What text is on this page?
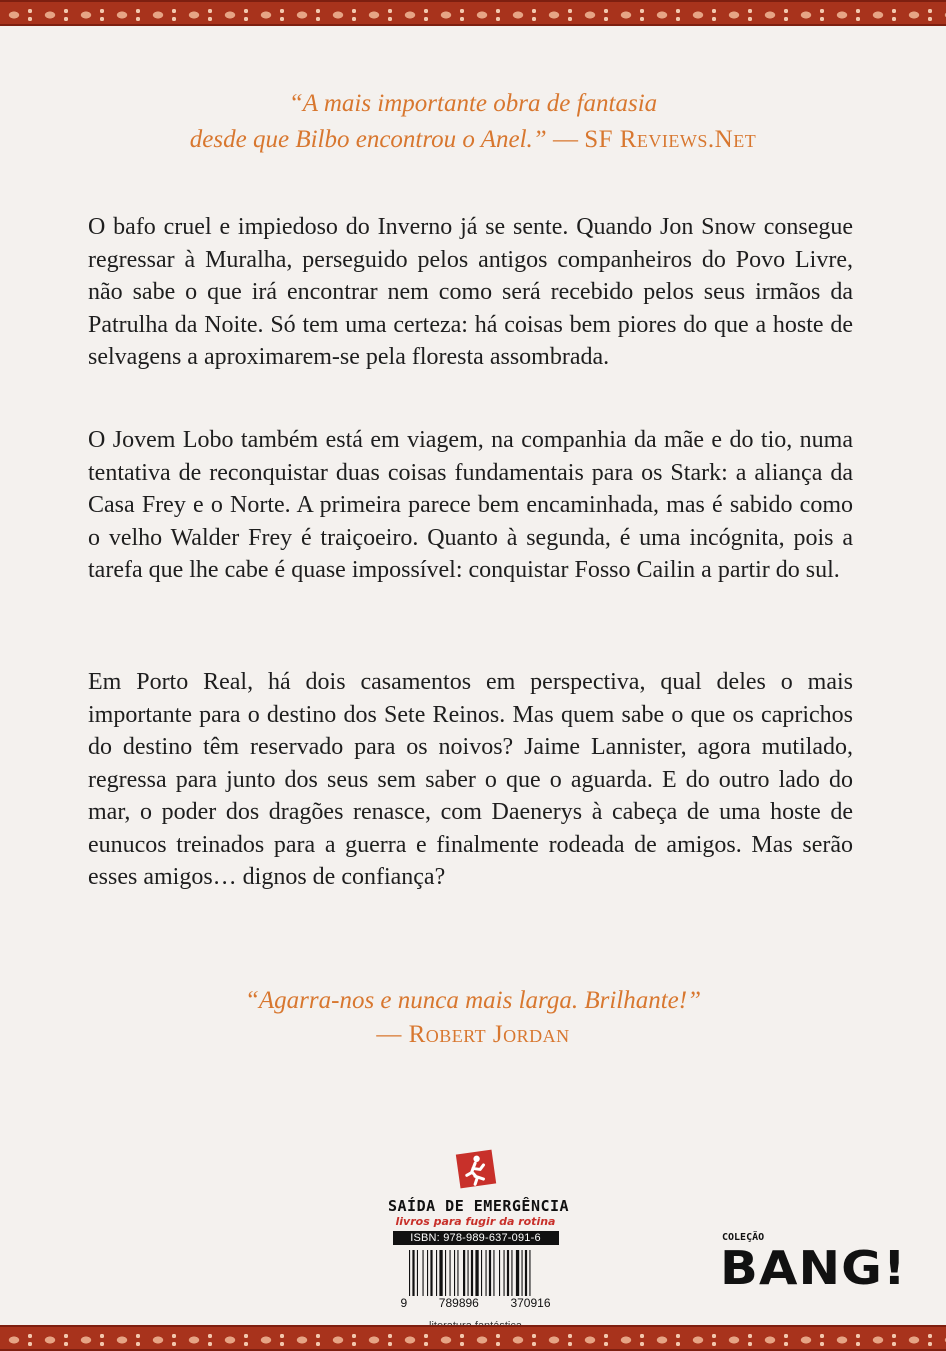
“A mais importante obra de fantasia
desde que Bilbo encontrou o Anel.” — SF Reviews.Net

O bafo cruel e impiedoso do Inverno já se sente. Quando Jon Snow consegue regressar à Muralha, perseguido pelos antigos companheiros do Povo Livre, não sabe o que irá encontrar nem como será recebido pelos seus irmãos da Patrulha da Noite. Só tem uma certeza: há coisas bem piores do que a hoste de selvagens a aproximarem-se pela floresta assombrada.

O Jovem Lobo também está em viagem, na companhia da mãe e do tio, numa tentativa de reconquistar duas coisas fundamentais para os Stark: a aliança da Casa Frey e o Norte. A primeira parece bem encaminhada, mas é sabido como o velho Walder Frey é traiçoeiro. Quanto à segunda, é uma incógnita, pois a tarefa que lhe cabe é quase impossível: conquistar Fosso Cailin a partir do sul.

Em Porto Real, há dois casamentos em perspectiva, qual deles o mais importante para o destino dos Sete Reinos. Mas quem sabe o que os caprichos do destino têm reservado para os noivos? Jaime Lannister, agora mutilado, regressa para junto dos seus sem saber o que o aguarda. E do outro lado do mar, o poder dos dragões renasce, com Daenerys à cabeça de uma hoste de eunucos treinados para a guerra e finalmente rodeada de amigos. Mas serão esses amigos… dignos de confiança?

“Agarra-nos e nunca mais larga. Brilhante!”
— Robert Jordan
SAÍDA DE EMERGÊNCIA
livros para fugir da rotina
ISBN: 978-989-637-091-6
9	789896	370916
COLEÇÃO
BANG!
